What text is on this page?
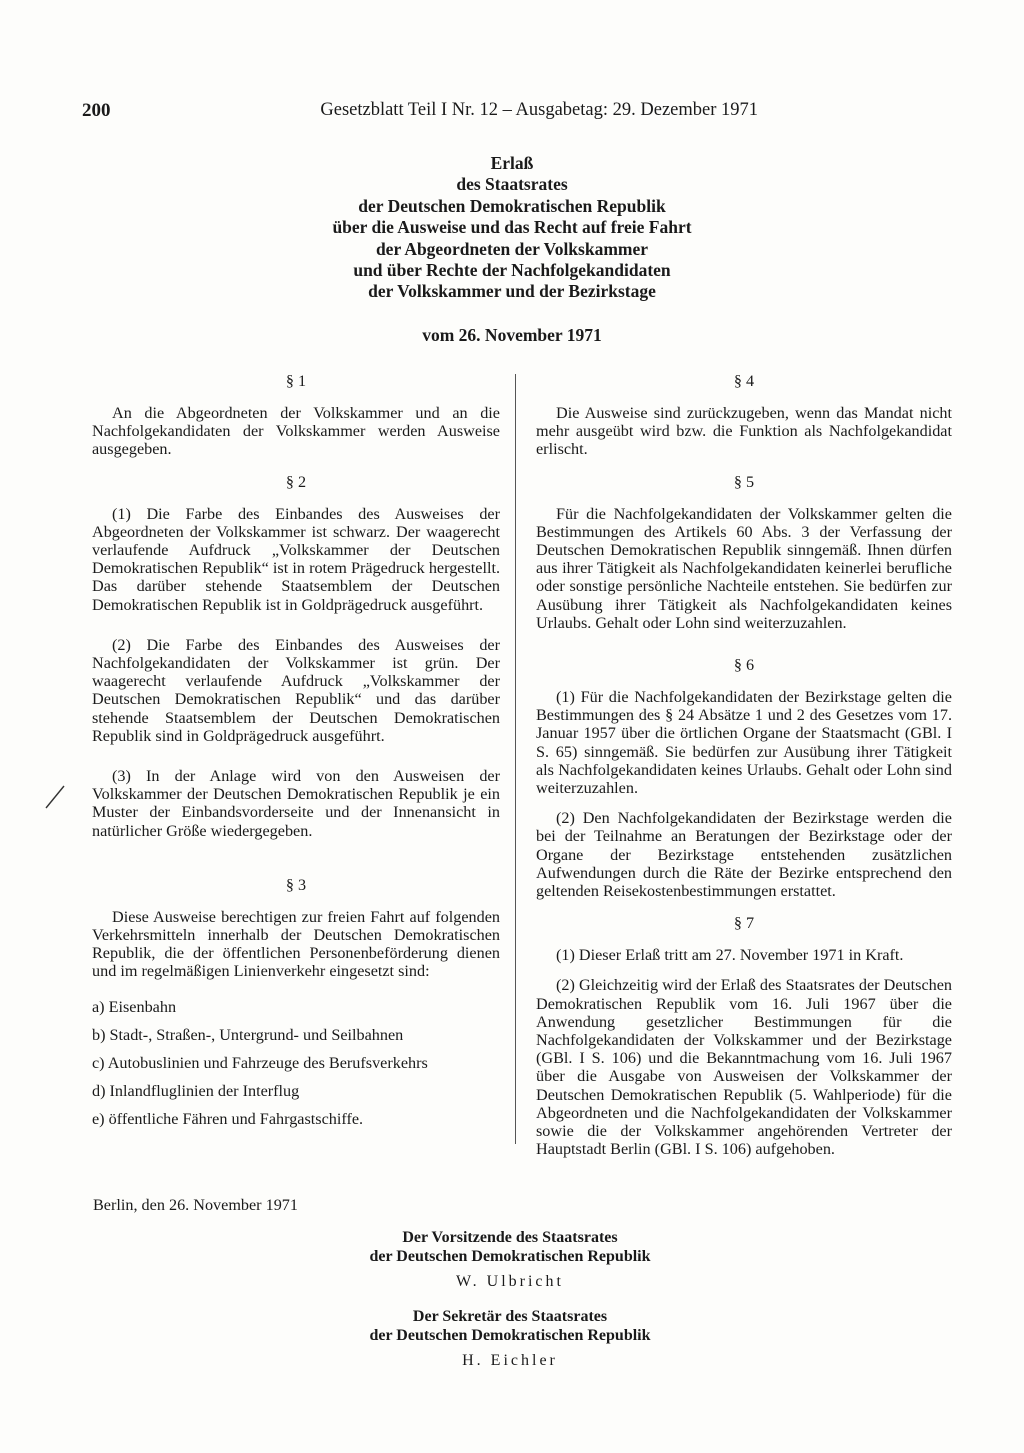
200	Gesetzblatt Teil I Nr. 12 – Ausgabetag: 29. Dezember 1971
Erlaß
des Staatsrates
der Deutschen Demokratischen Republik
über die Ausweise und das Recht auf freie Fahrt
der Abgeordneten der Volkskammer
und über Rechte der Nachfolgekandidaten
der Volkskammer und der Bezirkstage
vom 26. November 1971

§ 1

An die Abgeordneten der Volkskammer und an die Nachfolgekandidaten der Volkskammer werden Ausweise ausgegeben.

§ 2

(1) Die Farbe des Einbandes des Ausweises der Abgeordneten der Volkskammer ist schwarz. Der waagerecht verlaufende Aufdruck „Volkskammer der Deutschen Demokratischen Republik“ ist in rotem Prägedruck hergestellt. Das darüber stehende Staatsemblem der Deutschen Demokratischen Republik ist in Goldprägedruck ausgeführt.

(2) Die Farbe des Einbandes des Ausweises der Nachfolgekandidaten der Volkskammer ist grün. Der waagerecht verlaufende Aufdruck „Volkskammer der Deutschen Demokratischen Republik“ und das darüber stehende Staatsemblem der Deutschen Demokratischen Republik sind in Goldprägedruck ausgeführt.

(3) In der Anlage wird von den Ausweisen der Volkskammer der Deutschen Demokratischen Republik je ein Muster der Einbandsvorderseite und der Innenansicht in natürlicher Größe wiedergegeben.

§ 3

Diese Ausweise berechtigen zur freien Fahrt auf folgenden Verkehrsmitteln innerhalb der Deutschen Demokratischen Republik, die der öffentlichen Personenbeförderung dienen und im regelmäßigen Linienverkehr eingesetzt sind:

a) Eisenbahn

b) Stadt-, Straßen-, Untergrund- und Seilbahnen

c) Autobuslinien und Fahrzeuge des Berufsverkehrs

d) Inlandfluglinien der Interflug

e) öffentliche Fähren und Fahrgastschiffe.

§ 4

Die Ausweise sind zurückzugeben, wenn das Mandat nicht mehr ausgeübt wird bzw. die Funktion als Nachfolgekandidat erlischt.

§ 5

Für die Nachfolgekandidaten der Volkskammer gelten die Bestimmungen des Artikels 60 Abs. 3 der Verfassung der Deutschen Demokratischen Republik sinngemäß. Ihnen dürfen aus ihrer Tätigkeit als Nachfolgekandidaten keinerlei berufliche oder sonstige persönliche Nachteile entstehen. Sie bedürfen zur Ausübung ihrer Tätigkeit als Nachfolgekandidaten keines Urlaubs. Gehalt oder Lohn sind weiterzuzahlen.

§ 6

(1) Für die Nachfolgekandidaten der Bezirkstage gelten die Bestimmungen des § 24 Absätze 1 und 2 des Gesetzes vom 17. Januar 1957 über die örtlichen Organe der Staatsmacht (GBl. I S. 65) sinngemäß. Sie bedürfen zur Ausübung ihrer Tätigkeit als Nachfolgekandidaten keines Urlaubs. Gehalt oder Lohn sind weiterzuzahlen.

(2) Den Nachfolgekandidaten der Bezirkstage werden die bei der Teilnahme an Beratungen der Bezirkstage oder der Organe der Bezirkstage entstehenden zusätzlichen Aufwendungen durch die Räte der Bezirke entsprechend den geltenden Reisekostenbestimmungen erstattet.

§ 7

(1) Dieser Erlaß tritt am 27. November 1971 in Kraft.

(2) Gleichzeitig wird der Erlaß des Staatsrates der Deutschen Demokratischen Republik vom 16. Juli 1967 über die Anwendung gesetzlicher Bestimmungen für die Nachfolgekandidaten der Volkskammer und der Bezirkstage (GBl. I S. 106) und die Bekanntmachung vom 16. Juli 1967 über die Ausgabe von Ausweisen der Volkskammer der Deutschen Demokratischen Republik (5. Wahlperiode) für die Abgeordneten und die Nachfolgekandidaten der Volkskammer sowie die der Volkskammer angehörenden Vertreter der Hauptstadt Berlin (GBl. I S. 106) aufgehoben.

Berlin, den 26. November 1971
Der Vorsitzende des Staatsrates
der Deutschen Demokratischen Republik
W. Ulbricht
Der Sekretär des Staatsrates
der Deutschen Demokratischen Republik
H. Eichler
